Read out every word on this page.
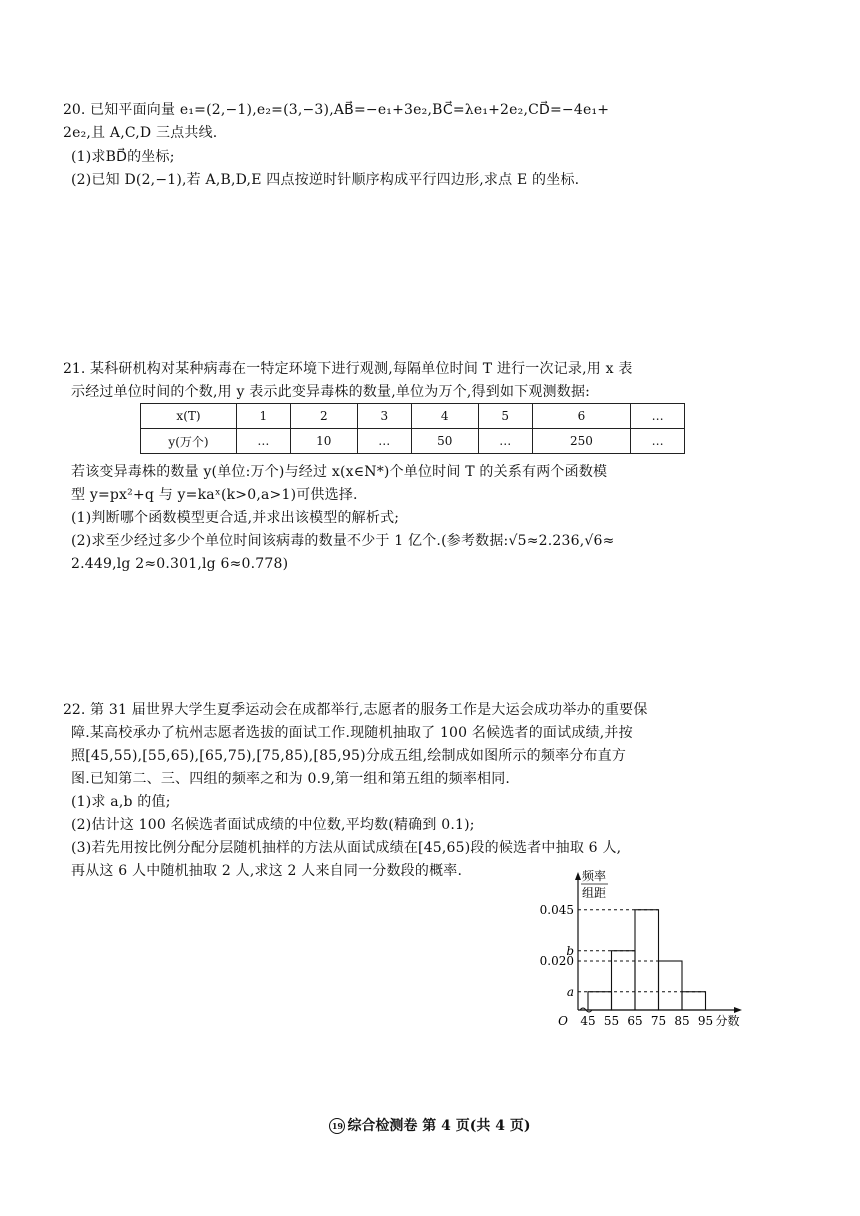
20. 已知平面向量 e₁=(2,−1),e₂=(3,−3),AB⃗=−e₁+3e₂,BC⃗=λe₁+2e₂,CD⃗=−4e₁+
2e₂,且 A,C,D 三点共线.
(1)求BD⃗的坐标;
(2)已知 D(2,−1),若 A,B,D,E 四点按逆时针顺序构成平行四边形,求点 E 的坐标.
21. 某科研机构对某种病毒在一特定环境下进行观测,每隔单位时间 T 进行一次记录,用 x 表
示经过单位时间的个数,用 y 表示此变异毒株的数量,单位为万个,得到如下观测数据:
x(T)	1	2	3	4	5	6	…
y(万个)	…	10	…	50	…	250	…
若该变异毒株的数量 y(单位:万个)与经过 x(x∈N*)个单位时间 T 的关系有两个函数模
型 y=px²+q 与 y=kaˣ(k>0,a>1)可供选择.
(1)判断哪个函数模型更合适,并求出该模型的解析式;
(2)求至少经过多少个单位时间该病毒的数量不少于 1 亿个.(参考数据:√5≈2.236,√6≈
2.449,lg 2≈0.301,lg 6≈0.778)
22. 第 31 届世界大学生夏季运动会在成都举行,志愿者的服务工作是大运会成功举办的重要保
障.某高校承办了杭州志愿者选拔的面试工作.现随机抽取了 100 名候选者的面试成绩,并按
照[45,55),[55,65),[65,75),[75,85),[85,95)分成五组,绘制成如图所示的频率分布直方
图.已知第二、三、四组的频率之和为 0.9,第一组和第五组的频率相同.
(1)求 a,b 的值;
(2)估计这 100 名候选者面试成绩的中位数,平均数(精确到 0.1);
(3)若先用按比例分配分层随机抽样的方法从面试成绩在[45,65)段的候选者中抽取 6 人,
再从这 6 人中随机抽取 2 人,求这 2 人来自同一分数段的概率.	频率
组距
0.045
b
0.020
a
45 55 65 75 85 95
O	分数
19 综合检测卷 第 4 页(共 4 页)
